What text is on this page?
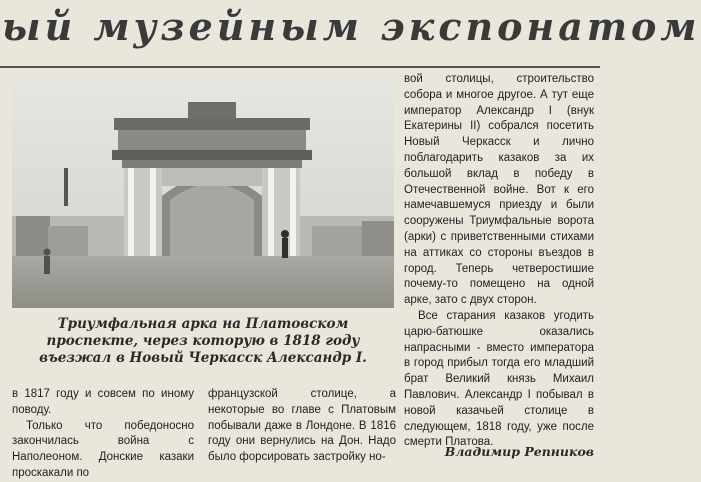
ый музейным экспонатом
Триумфальная арка на Платовском проспекте, через которую в 1818 году въезжал в Новый Черкасск Александр I.

вой столицы, строительство собора и многое другое. А тут еще император Александр I (внук Екатерины II) собрался посетить Новый Черкасск и лично поблагодарить казаков за их большой вклад в победу в Отечественной войне. Вот к его намечавшемуся приезду и были сооружены Триумфальные ворота (арки) с приветственными стихами на аттиках со стороны въездов в город. Теперь четверостишие почему-то помещено на одной арке, зато с двух сторон.

Все старания казаков угодить царю-батюшке оказались напрасными - вместо императора в город прибыл тогда его младший брат Великий князь Михаил Павлович. Александр I побывал в новой казачьей столице в следующем, 1818 году, уже после смерти Платова.

в 1817 году и совсем по иному поводу.

Только что победоносно закончилась война с Наполеоном. Донские казаки проскакали по

французской столице, а некоторые во главе с Платовым побывали даже в Лондоне. В 1816 году они вернулись на Дон. Надо было форсировать застройку но-	Владимир Репников
